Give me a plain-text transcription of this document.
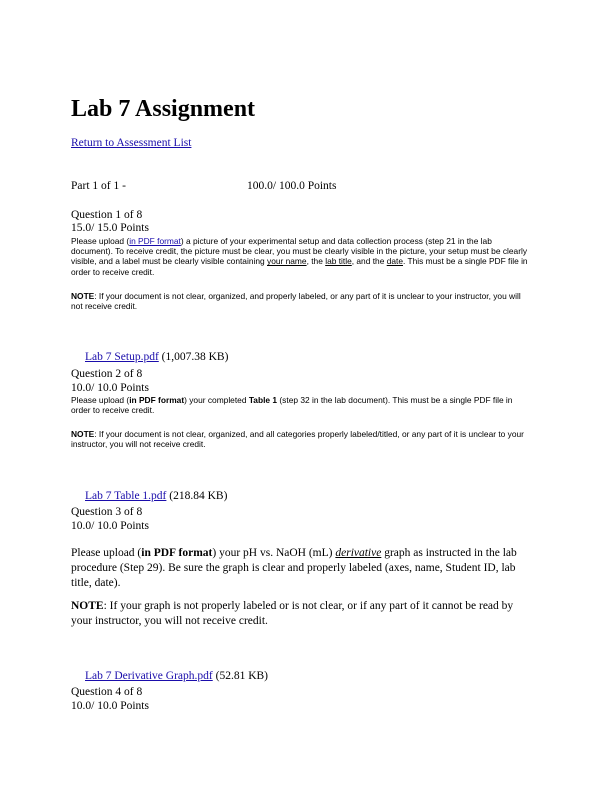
Lab 7 Assignment
Return to Assessment List
Part 1 of 1 -	100.0/ 100.0 Points
Question 1 of 8
15.0/ 15.0 Points
Please upload (in PDF format) a picture of your experimental setup and data collection process (step 21 in the lab document). To receive credit, the picture must be clear, you must be clearly visible in the picture, your setup must be clearly visible, and a label must be clearly visible containing your name, the lab title, and the date. This must be a single PDF file in order to receive credit.
NOTE: If your document is not clear, organized, and properly labeled, or any part of it is unclear to your instructor, you will not receive credit.
Lab 7 Setup.pdf (1,007.38 KB)
Question 2 of 8
10.0/ 10.0 Points
Please upload (in PDF format) your completed Table 1 (step 32 in the lab document). This must be a single PDF file in order to receive credit.
NOTE: If your document is not clear, organized, and all categories properly labeled/titled, or any part of it is unclear to your instructor, you will not receive credit.
Lab 7 Table 1.pdf (218.84 KB)
Question 3 of 8
10.0/ 10.0 Points
Please upload (in PDF format) your pH vs. NaOH (mL) derivative graph as instructed in the lab procedure (Step 29). Be sure the graph is clear and properly labeled (axes, name, Student ID, lab title, date).
NOTE: If your graph is not properly labeled or is not clear, or if any part of it cannot be read by your instructor, you will not receive credit.
Lab 7 Derivative Graph.pdf (52.81 KB)
Question 4 of 8
10.0/ 10.0 Points
